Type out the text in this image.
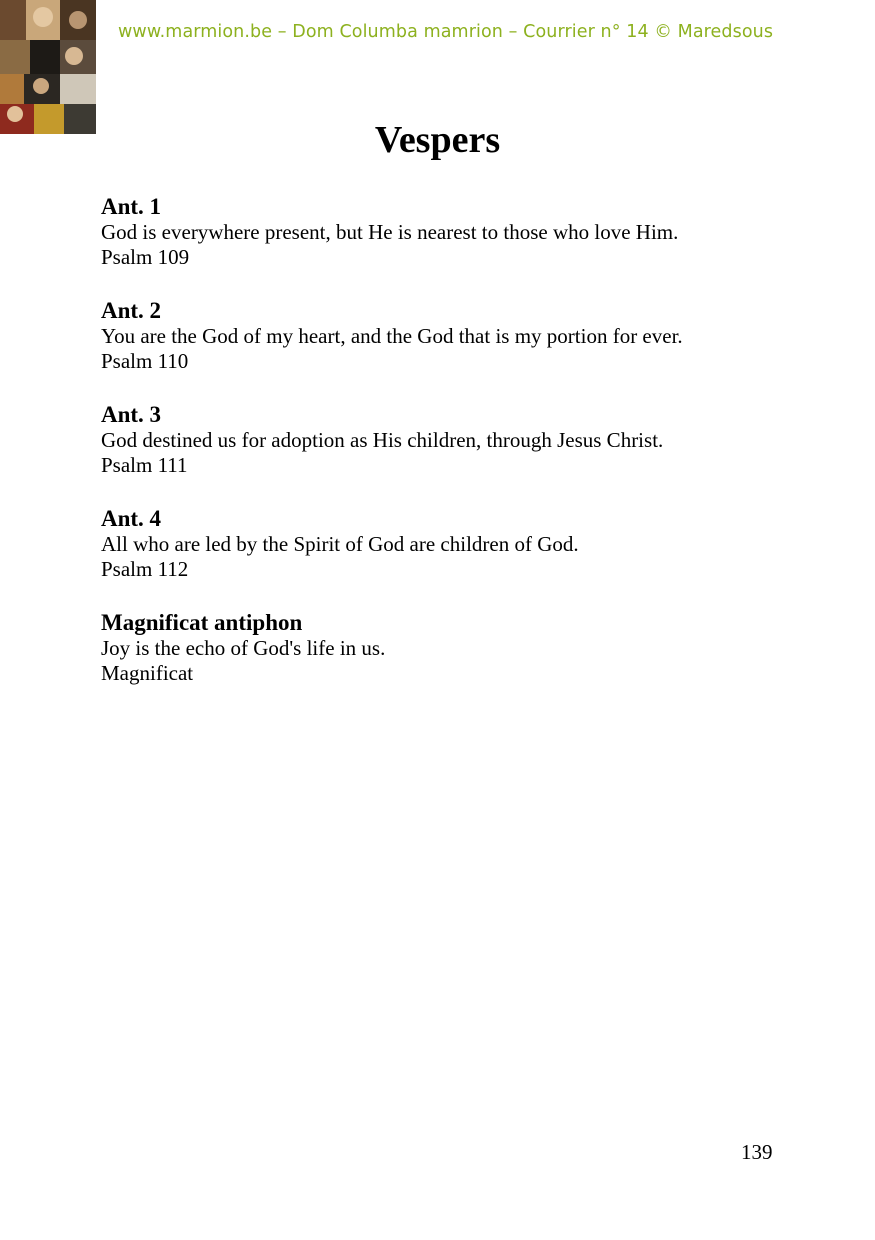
www.marmion.be – Dom Columba mamrion – Courrier n° 14 © Maredsous
Vespers

Ant. 1

God is everywhere present, but He is nearest to those who love Him.

Psalm 109

Ant. 2

You are the God of my heart, and the God that is my portion for ever.

Psalm 110

Ant. 3

God destined us for adoption as His children, through Jesus Christ.

Psalm 111

Ant. 4

All who are led by the Spirit of God are children of God.

Psalm 112

Magnificat antiphon

Joy is the echo of God's life in us.

Magnificat

139
